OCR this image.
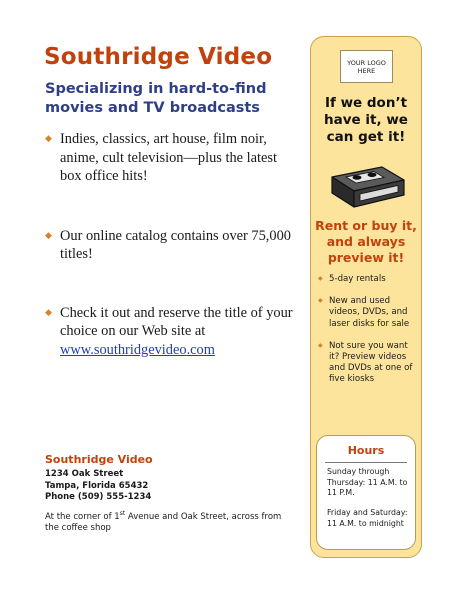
Southridge Video
Specializing in hard-to-find movies and TV broadcasts
◆ Indies, classics, art house, film noir, anime, cult television—plus the latest box office hits!
◆ Our online catalog contains over 75,000 titles!
◆ Check it out and reserve the title of your choice on our Web site at www.southridgevideo.com
Southridge Video
1234 Oak Street
Tampa, Florida 65432
Phone (509) 555-1234
At the corner of 1st Avenue and Oak Street, across from the coffee shop
YOUR LOGO
HERE

If we don’t have it, we can get it!

Rent or buy it, and always preview it!

◆ 5-day rentals
◆ New and used videos, DVDs, and laser disks for sale
◆ Not sure you want it? Preview videos and DVDs at one of five kiosks
Hours
Sunday through Thursday: 11 A.M. to 11 P.M.
Friday and Saturday: 11 A.M. to midnight
